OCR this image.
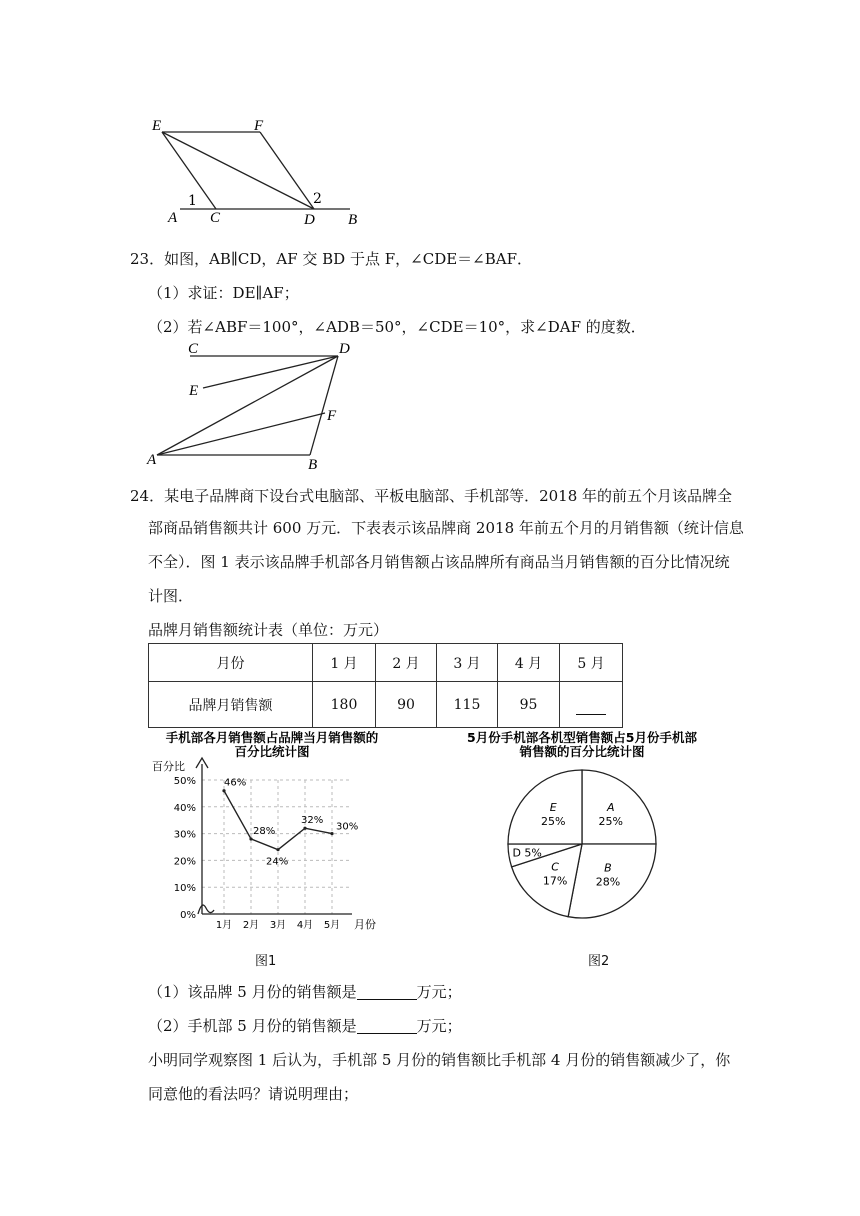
E	F
A C	D B
1	2
23．如图，AB∥CD，AF 交 BD 于点 F，∠CDE＝∠BAF．
（1）求证：DE∥AF；
（2）若∠ABF＝100°，∠ADB＝50°，∠CDE＝10°，求∠DAF 的度数．
C	D
E
F
A	B
24．某电子品牌商下设台式电脑部、平板电脑部、手机部等．2018 年的前五个月该品牌全
部商品销售额共计 600 万元．下表表示该品牌商 2018 年前五个月的月销售额（统计信息
不全）．图 1 表示该品牌手机部各月销售额占该品牌所有商品当月销售额的百分比情况统
计图．
品牌月销售额统计表（单位：万元）
月份	1 月	2 月	3 月	4 月	5 月
品牌月销售额	180	90	115	95	
手机部各月销售额占品牌当月销售额的
百分比统计图
百分比
月份
0%
10%
20%
30%
40%
50%
1月 2月 3月 4月 5月
46%
28%
24%
32%
30%
图1
5月份手机部各机型销售额占5月份手机部
销售额的百分比统计图
A
25%
B
28%
C
17%
D 5%
E
25%
图2
（1）该品牌 5 月份的销售额是	万元；
（2）手机部 5 月份的销售额是	万元；
小明同学观察图 1 后认为，手机部 5 月份的销售额比手机部 4 月份的销售额减少了，你
同意他的看法吗？请说明理由；
